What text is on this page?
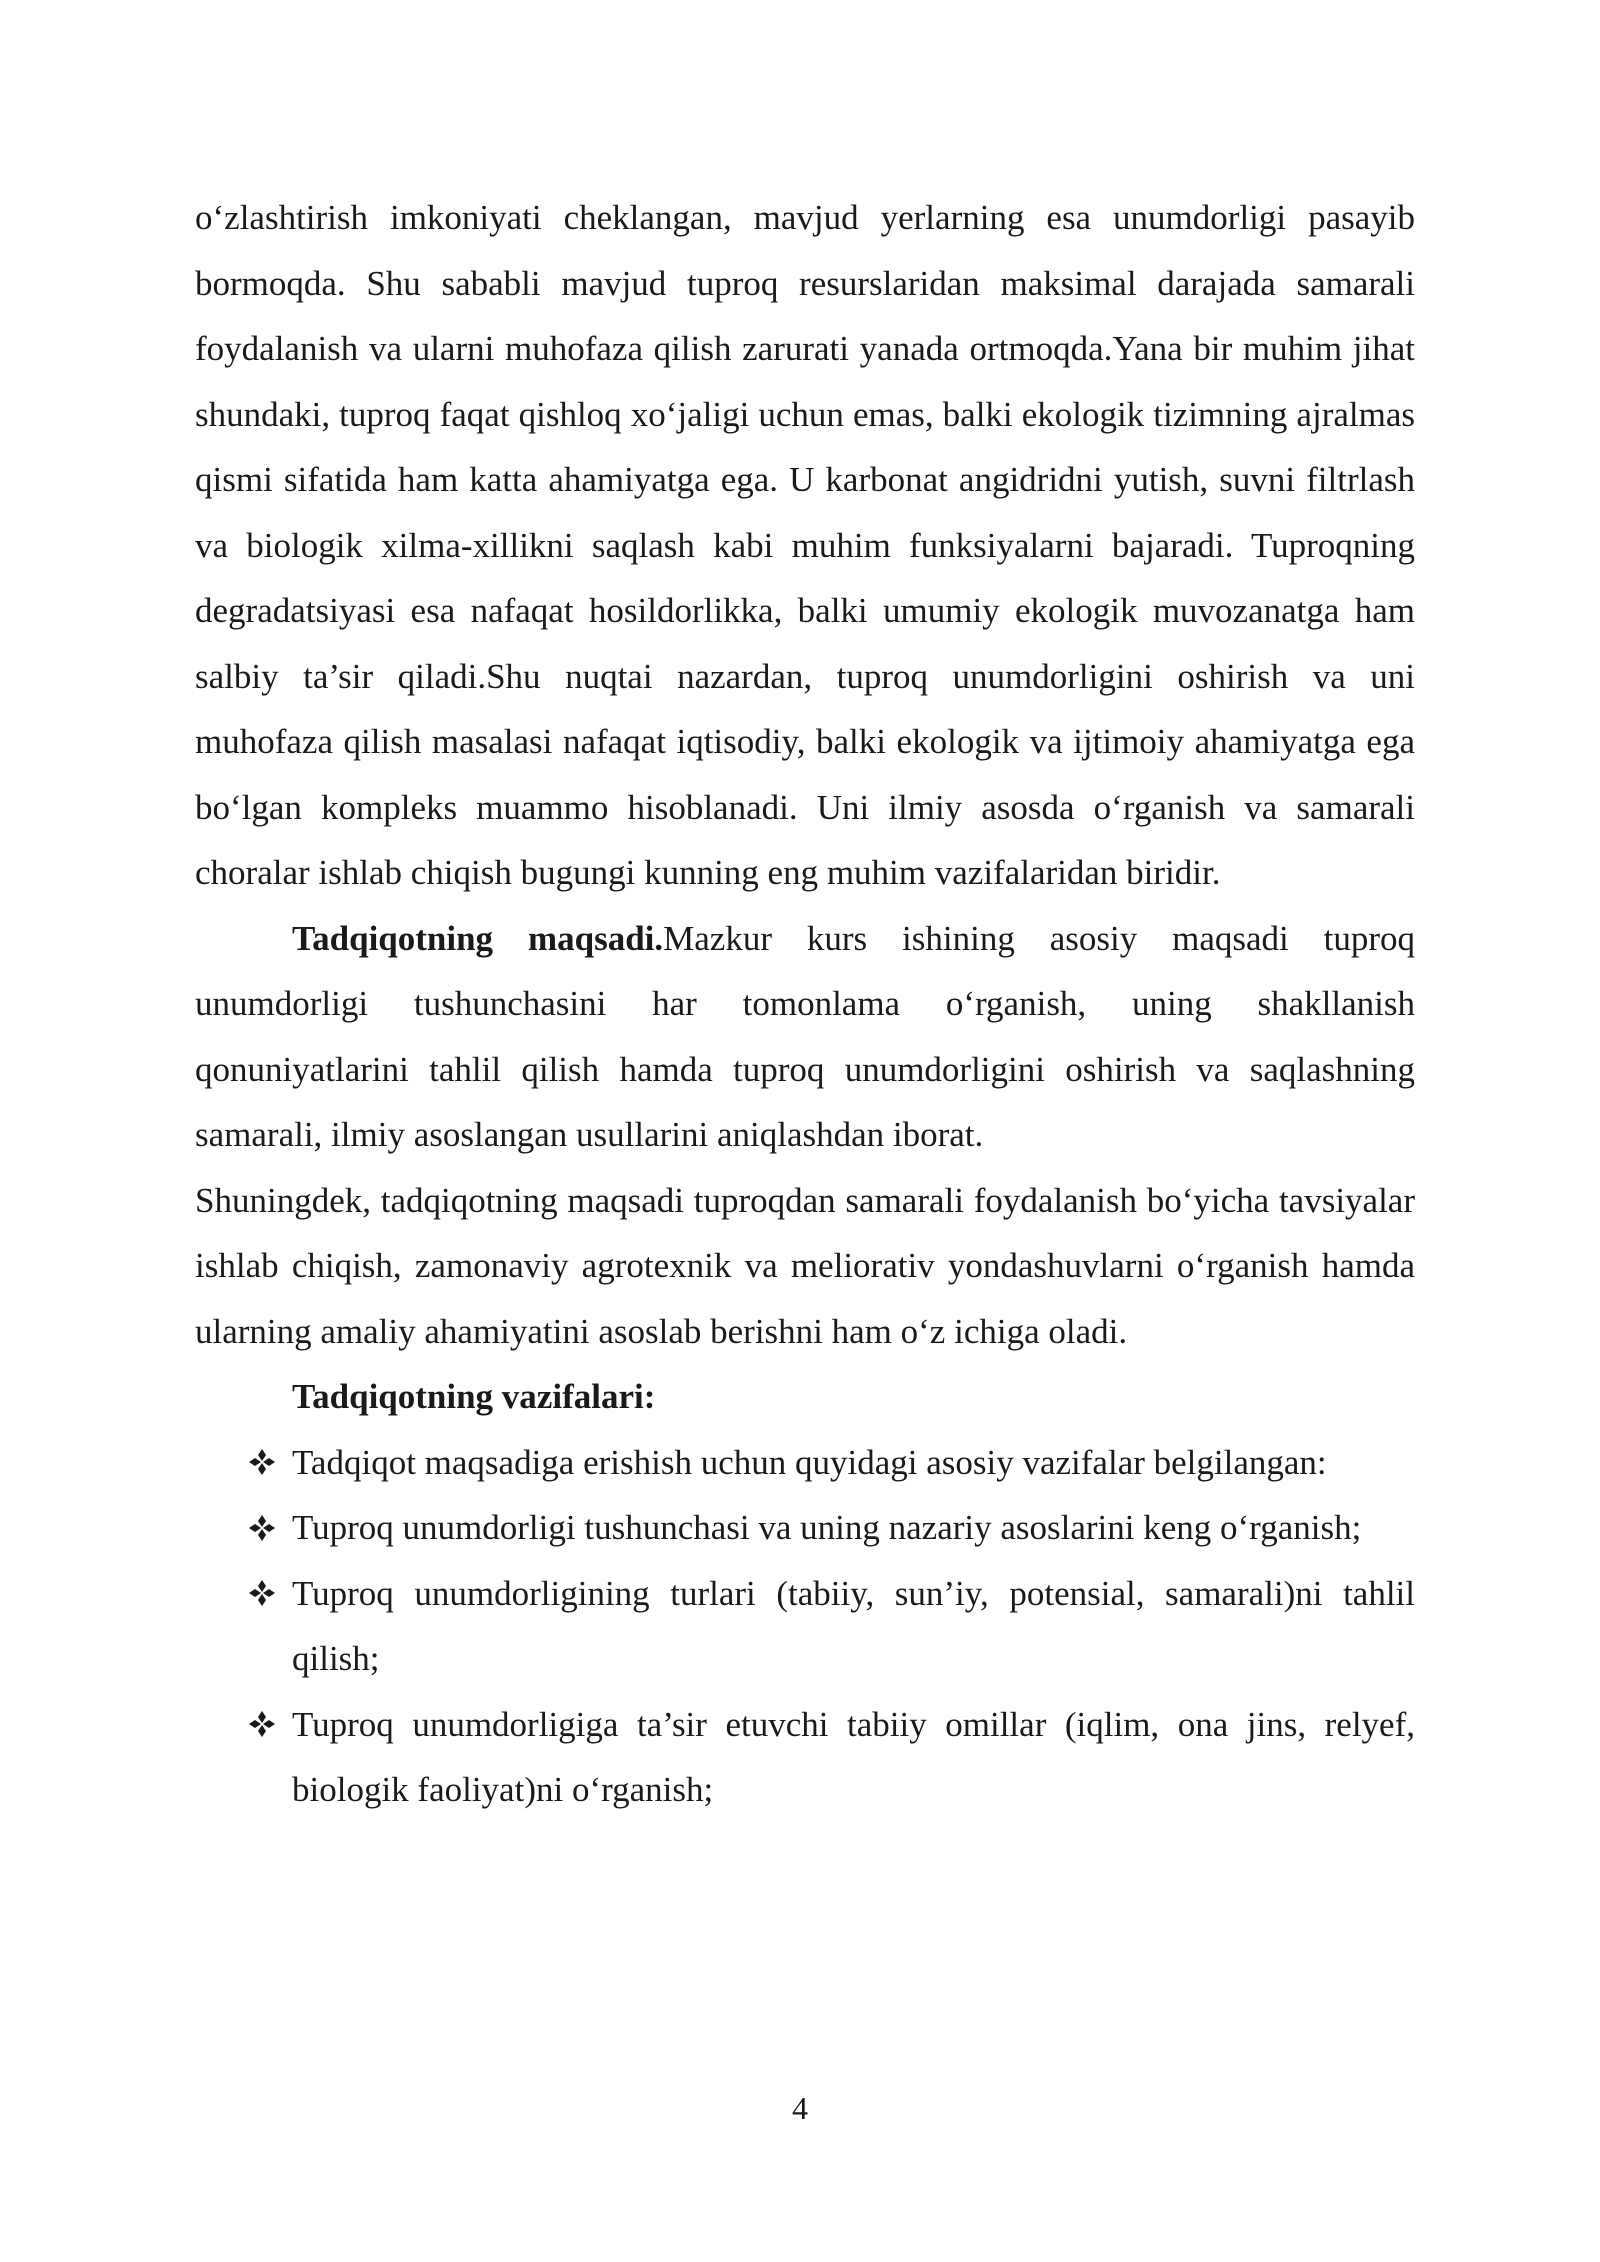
o‘zlashtirish imkoniyati cheklangan, mavjud yerlarning esa unumdorligi pasayib bormoqda. Shu sababli mavjud tuproq resurslaridan maksimal darajada samarali foydalanish va ularni muhofaza qilish zarurati yanada ortmoqda.Yana bir muhim jihat shundaki, tuproq faqat qishloq xo‘jaligi uchun emas, balki ekologik tizimning ajralmas qismi sifatida ham katta ahamiyatga ega. U karbonat angidridni yutish, suvni filtrlash va biologik xilma-xillikni saqlash kabi muhim funksiyalarni bajaradi. Tuproqning degradatsiyasi esa nafaqat hosildorlikka, balki umumiy ekologik muvozanatga ham salbiy ta’sir qiladi.Shu nuqtai nazardan, tuproq unumdorligini oshirish va uni muhofaza qilish masalasi nafaqat iqtisodiy, balki ekologik va ijtimoiy ahamiyatga ega bo‘lgan kompleks muammo hisoblanadi. Uni ilmiy asosda o‘rganish va samarali choralar ishlab chiqish bugungi kunning eng muhim vazifalaridan biridir.

Tadqiqotning maqsadi.Mazkur kurs ishining asosiy maqsadi tuproq unumdorligi tushunchasini har tomonlama o‘rganish, uning shakllanish qonuniyatlarini tahlil qilish hamda tuproq unumdorligini oshirish va saqlashning samarali, ilmiy asoslangan usullarini aniqlashdan iborat.

Shuningdek, tadqiqotning maqsadi tuproqdan samarali foydalanish bo‘yicha tavsiyalar ishlab chiqish, zamonaviy agrotexnik va meliorativ yondashuvlarni o‘rganish hamda ularning amaliy ahamiyatini asoslab berishni ham o‘z ichiga oladi.

Tadqiqotning vazifalari:

Tadqiqot maqsadiga erishish uchun quyidagi asosiy vazifalar belgilangan:
Tuproq unumdorligi tushunchasi va uning nazariy asoslarini keng o‘rganish;
Tuproq unumdorligining turlari (tabiiy, sun’iy, potensial, samarali)ni tahlil qilish;
Tuproq unumdorligiga ta’sir etuvchi tabiiy omillar (iqlim, ona jins, relyef, biologik faoliyat)ni o‘rganish;
4
